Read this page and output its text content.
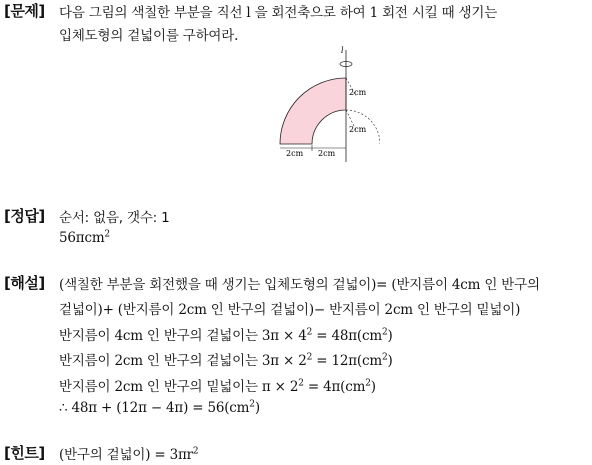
[문제] 다음 그림의 색칠한 부분을 직선 l 을 회전축으로 하여 1 회전 시킬 때 생기는
입체도형의 겉넓이를 구하여라.
l
2cm 2cm
2cm
2cm
[정답] 순서: 없음, 갯수: 1
56πcm$^2$
[해설] (색칠한 부분을 회전했을 때 생기는 입체도형의 겉넓이)= (반지름이 4cm 인 반구의
겉넓이)+ (반지름이 2cm 인 반구의 겉넓이)− 반지름이 2cm 인 반구의 밑넓이)
반지름이 4cm 인 반구의 겉넓이는 $3\pi \times 4^2 = 48\pi(cm^2)$
반지름이 2cm 인 반구의 겉넓이는 $3\pi \times 2^2 = 12\pi(cm^2)$
반지름이 2cm 인 반구의 밑넓이는 $\pi \times 2^2 = 4\pi(cm^2)$
∴ $48\pi + (12\pi - 4\pi) = 56(cm^2)$
[힌트] (반구의 겉넓이) = $3\pi r^2$
